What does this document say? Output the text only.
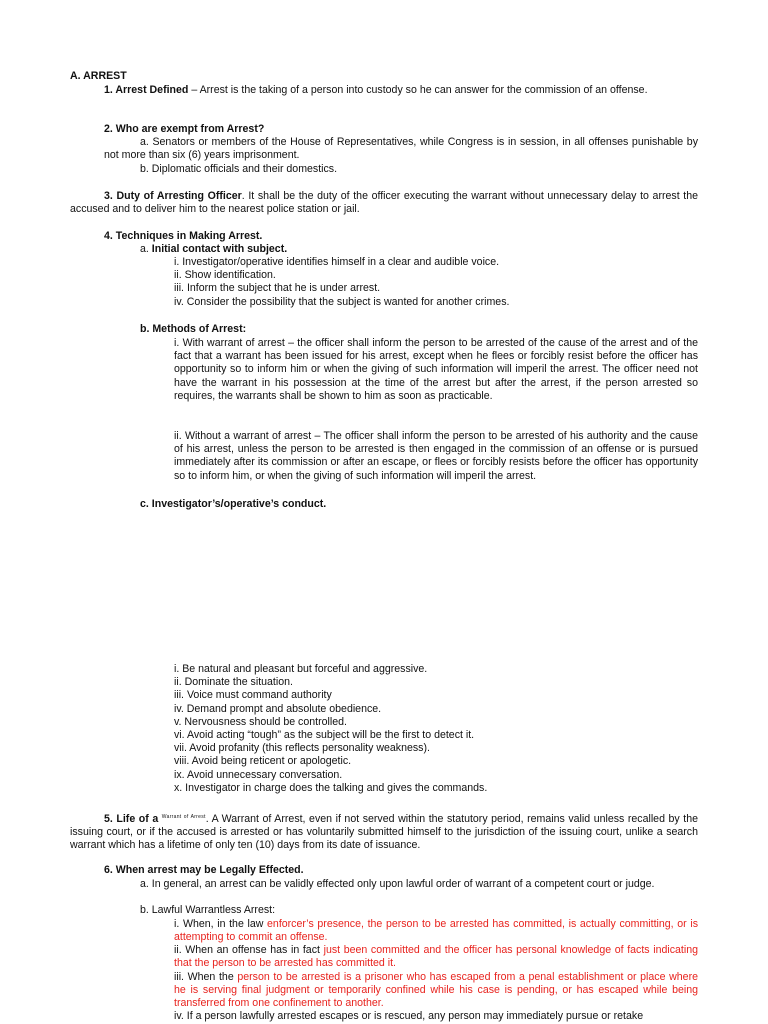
A. ARREST

1. Arrest Defined – Arrest is the taking of a person into custody so he can answer for the commission of an offense.

2. Who are exempt from Arrest?

a. Senators or members of the House of Representatives, while Congress is in session, in all offenses punishable by not more than six (6) years imprisonment.

b. Diplomatic officials and their domestics.

3. Duty of Arresting Officer. It shall be the duty of the officer executing the warrant without unnecessary delay to arrest the accused and to deliver him to the nearest police station or jail.

4. Techniques in Making Arrest.
a. Initial contact with subject.
i. Investigator/operative identifies himself in a clear and audible voice.
ii. Show identification.
iii. Inform the subject that he is under arrest.
iv. Consider the possibility that the subject is wanted for another crimes.
b. Methods of Arrest:

i. With warrant of arrest – the officer shall inform the person to be arrested of the cause of the arrest and of the fact that a warrant has been issued for his arrest, except when he flees or forcibly resist before the officer has opportunity so to inform him or when the giving of such information will imperil the arrest. The officer need not have the warrant in his possession at the time of the arrest but after the arrest, if the person arrested so requires, the warrants shall be shown to him as soon as practicable.

ii. Without a warrant of arrest – The officer shall inform the person to be arrested of his authority and the cause of his arrest, unless the person to be arrested is then engaged in the commission of an offense or is pursued immediately after its commission or after an escape, or flees or forcibly resists before the officer has opportunity so to inform him, or when the giving of such information will imperil the arrest.

c. Investigator’s/operative’s conduct.
i. Be natural and pleasant but forceful and aggressive.
ii. Dominate the situation.
iii. Voice must command authority
iv. Demand prompt and absolute obedience.
v. Nervousness should be controlled.
vi. Avoid acting “tough” as the subject will be the first to detect it.
vii. Avoid profanity (this reflects personality weakness).
viii. Avoid being reticent or apologetic.
ix. Avoid unnecessary conversation.
x. Investigator in charge does the talking and gives the commands.

5. Life of a $^{Warrant of Arrest}$. A Warrant of Arrest, even if not served within the statutory period, remains valid unless recalled by the issuing court, or if the accused is arrested or has voluntarily submitted himself to the jurisdiction of the issuing court, unlike a search warrant which has a lifetime of only ten (10) days from its date of issuance.

6. When arrest may be Legally Effected.

a. In general, an arrest can be validly effected only upon lawful order of warrant of a competent court or judge.

b. Lawful Warrantless Arrest:

i. When, in the law enforcer’s presence, the person to be arrested has committed, is actually committing, or is attempting to commit an offense.

ii. When an offense has in fact just been committed and the officer has personal knowledge of facts indicating that the person to be arrested has committed it.

iii. When the person to be arrested is a prisoner who has escaped from a penal establishment or place where he is serving final judgment or temporarily confined while his case is pending, or has escaped while being transferred from one confinement to another.

iv. If a person lawfully arrested escapes or is rescued, any person may immediately pursue or retake
